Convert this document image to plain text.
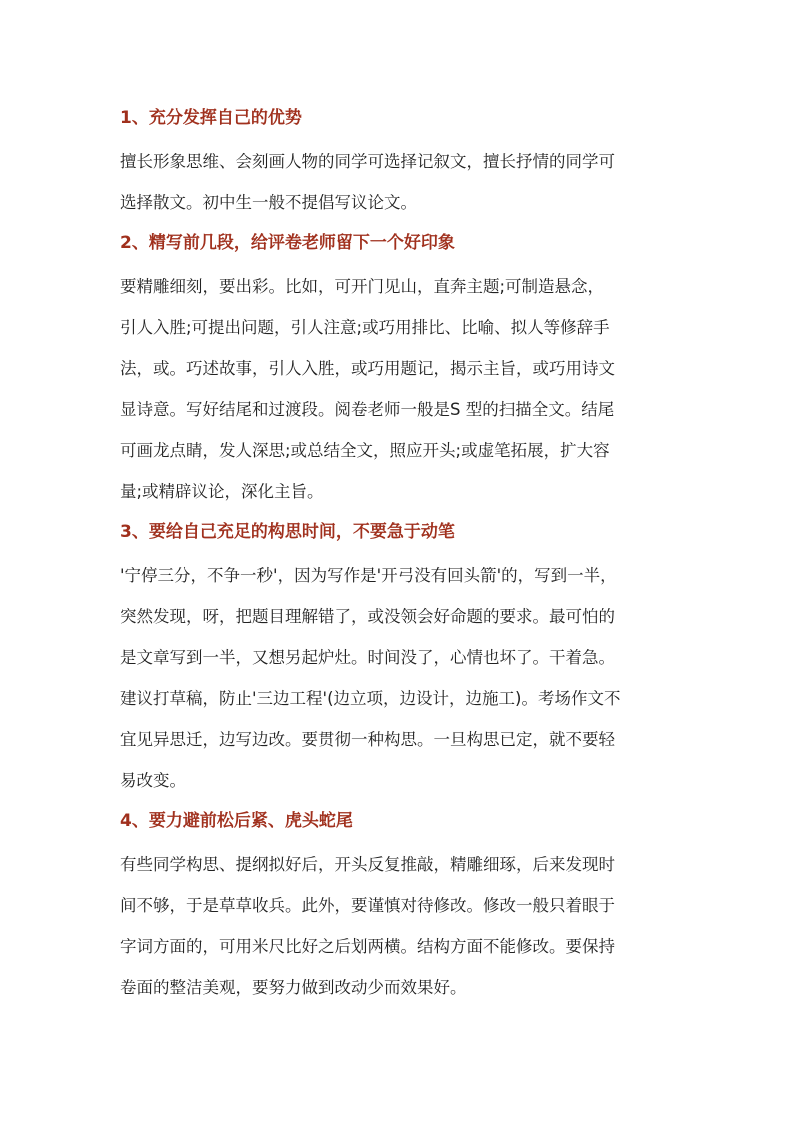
1、充分发挥自己的优势
擅长形象思维、会刻画人物的同学可选择记叙文，擅长抒情的同学可
选择散文。初中生一般不提倡写议论文。
2、精写前几段，给评卷老师留下一个好印象
要精雕细刻，要出彩。比如，可开门见山，直奔主题;可制造悬念，
引人入胜;可提出问题，引人注意;或巧用排比、比喻、拟人等修辞手
法，或。巧述故事，引人入胜，或巧用题记，揭示主旨，或巧用诗文
显诗意。写好结尾和过渡段。阅卷老师一般是S 型的扫描全文。结尾
可画龙点睛，发人深思;或总结全文，照应开头;或虚笔拓展，扩大容
量;或精辟议论，深化主旨。
3、要给自己充足的构思时间，不要急于动笔
'宁停三分，不争一秒'，因为写作是'开弓没有回头箭'的，写到一半，
突然发现，呀，把题目理解错了，或没领会好命题的要求。最可怕的
是文章写到一半，又想另起炉灶。时间没了，心情也坏了。干着急。
建议打草稿，防止'三边工程'(边立项，边设计，边施工)。考场作文不
宜见异思迁，边写边改。要贯彻一种构思。一旦构思已定，就不要轻
易改变。
4、要力避前松后紧、虎头蛇尾
有些同学构思、提纲拟好后，开头反复推敲，精雕细琢，后来发现时
间不够，于是草草收兵。此外，要谨慎对待修改。修改一般只着眼于
字词方面的，可用米尺比好之后划两横。结构方面不能修改。要保持
卷面的整洁美观，要努力做到改动少而效果好。
